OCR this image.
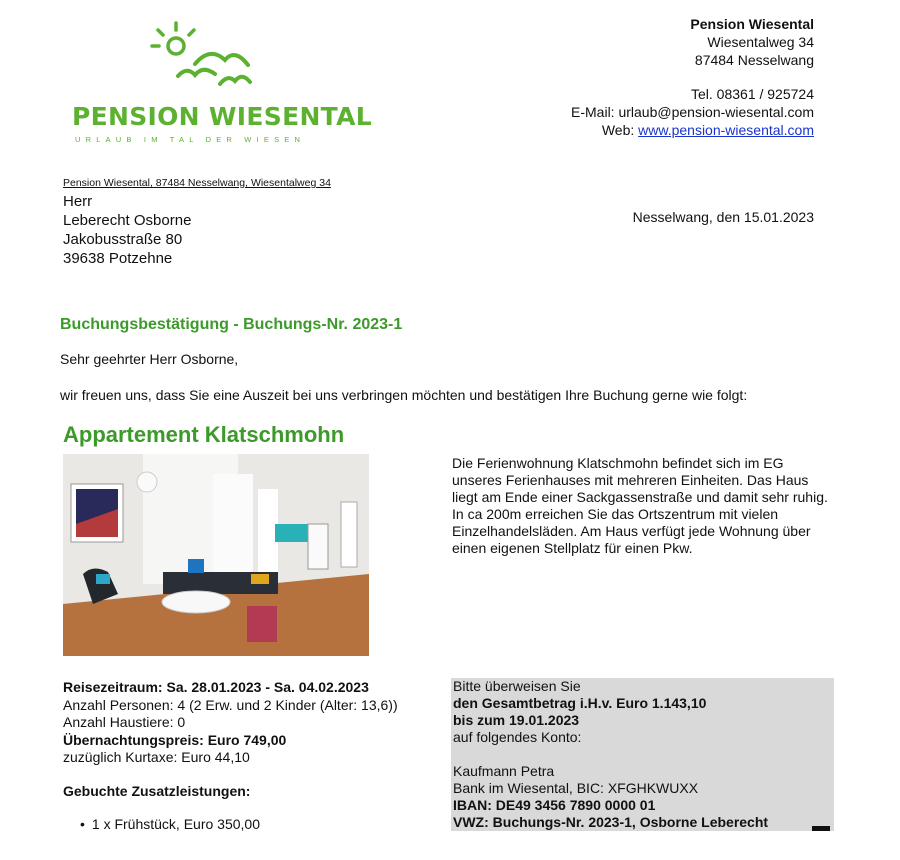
PENSION WIESENTAL
URLAUB IM TAL DER WIESEN
Pension Wiesental
Wiesentalweg 34
87484 Nesselwang
Tel. 08361 / 925724
E-Mail: urlaub@pension-wiesental.com
Web: www.pension-wiesental.com
Pension Wiesental, 87484 Nesselwang, Wiesentalweg 34
Herr
Leberecht Osborne
Jakobusstraße 80
39638 Potzehne
Nesselwang, den 15.01.2023
Buchungsbestätigung - Buchungs-Nr. 2023-1
Sehr geehrter Herr Osborne,
wir freuen uns, dass Sie eine Auszeit bei uns verbringen möchten und bestätigen Ihre Buchung gerne wie folgt:
Appartement Klatschmohn
Die Ferienwohnung Klatschmohn befindet sich im EG unseres Ferienhauses mit mehreren Einheiten. Das Haus liegt am Ende einer Sackgassenstraße und damit sehr ruhig. In ca 200m erreichen Sie das Ortszentrum mit vielen Einzelhandelsläden. Am Haus verfügt jede Wohnung über einen eigenen Stellplatz für einen Pkw.
Reisezeitraum: Sa. 28.01.2023 - Sa. 04.02.2023
Anzahl Personen: 4 (2 Erw. und 2 Kinder (Alter: 13,6))
Anzahl Haustiere: 0
Übernachtungspreis: Euro 749,00
zuzüglich Kurtaxe: Euro 44,10
Gebuchte Zusatzleistungen:
• 1 x Frühstück, Euro 350,00
Bitte überweisen Sie
den Gesamtbetrag i.H.v. Euro 1.143,10
bis zum 19.01.2023
auf folgendes Konto:
Kaufmann Petra
Bank im Wiesental, BIC: XFGHKWUXX
IBAN: DE49 3456 7890 0000 01
VWZ: Buchungs-Nr. 2023-1, Osborne Leberecht
